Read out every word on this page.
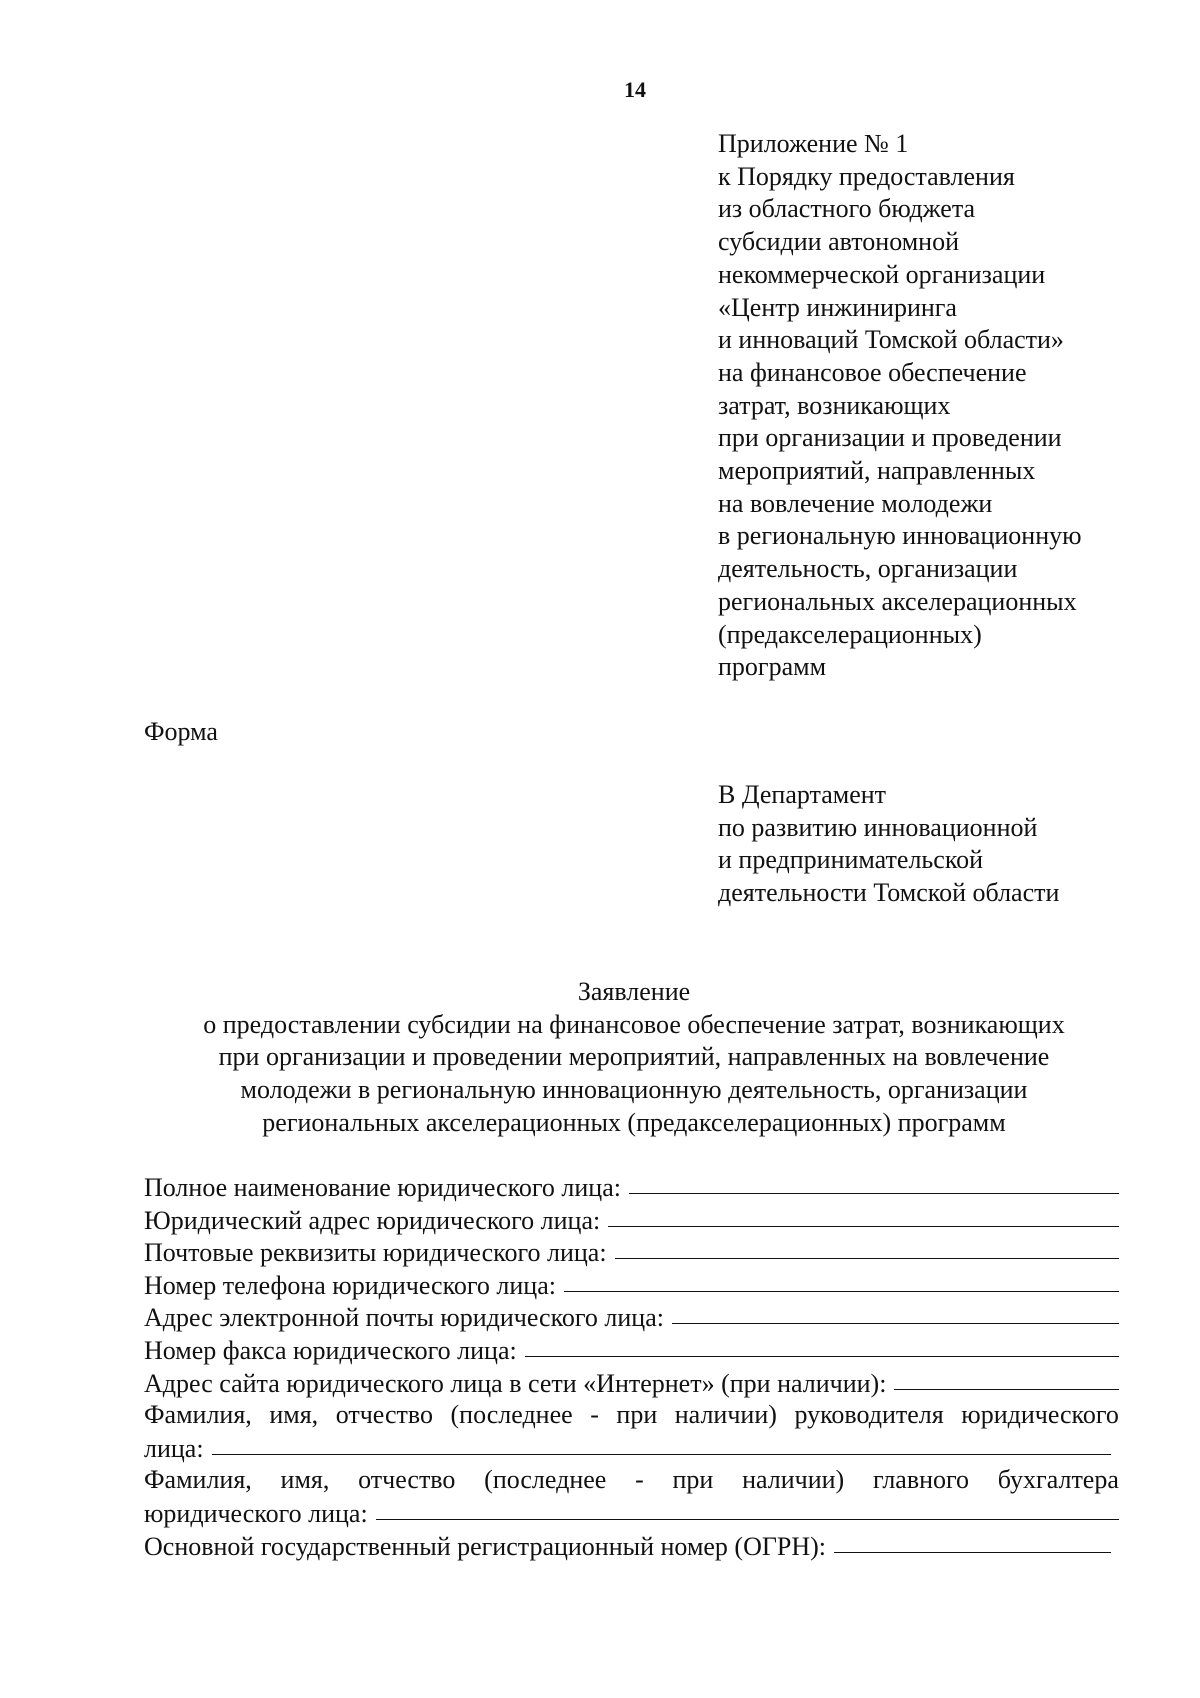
14
Приложение № 1
к Порядку предоставления
из областного бюджета
субсидии автономной
некоммерческой организации
«Центр инжиниринга
и инноваций Томской области»
на финансовое обеспечение
затрат, возникающих
при организации и проведении
мероприятий, направленных
на вовлечение молодежи
в региональную инновационную
деятельность, организации
региональных акселерационных
(предакселерационных)
программ
Форма
В Департамент
по развитию инновационной
и предпринимательской
деятельности Томской области
Заявление
о предоставлении субсидии на финансовое обеспечение затрат, возникающих
при организации и проведении мероприятий, направленных на вовлечение
молодежи в региональную инновационную деятельность, организации
региональных акселерационных (предакселерационных) программ
Полное наименование юридического лица:
Юридический адрес юридического лица:
Почтовые реквизиты юридического лица:
Номер телефона юридического лица:
Адрес электронной почты юридического лица:
Номер факса юридического лица:
Адрес сайта юридического лица в сети «Интернет» (при наличии):
Фамилия, имя, отчество (последнее - при наличии) руководителя юридического
лица:
Фамилия, имя, отчество (последнее - при наличии) главного бухгалтера
юридического лица:
Основной государственный регистрационный номер (ОГРН):
